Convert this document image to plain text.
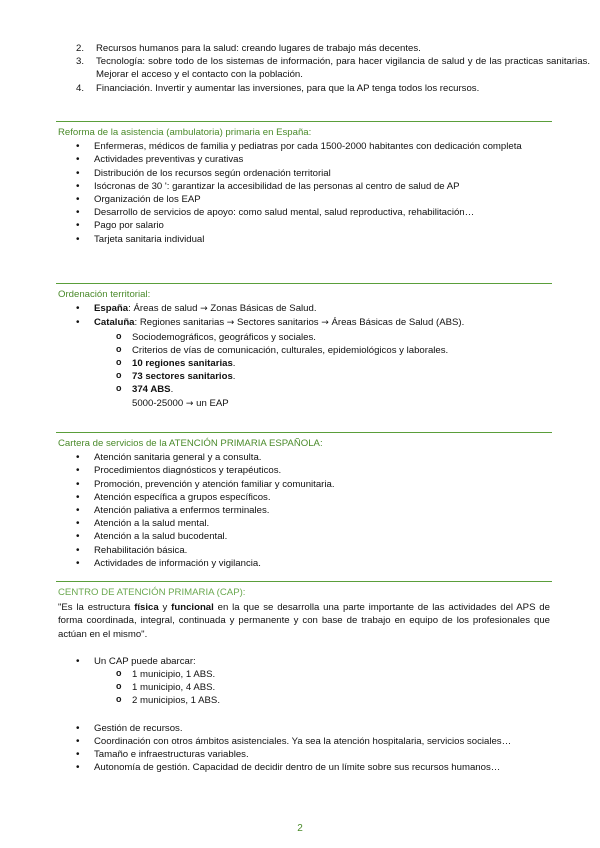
2. Recursos humanos para la salud: creando lugares de trabajo más decentes.
3. Tecnología: sobre todo de los sistemas de información, para hacer vigilancia de salud y de las practicas sanitarias. Mejorar el acceso y el contacto con la población.
4. Financiación. Invertir y aumentar las inversiones, para que la AP tenga todos los recursos.
Reforma de la asistencia (ambulatoria) primaria en España:
• Enfermeras, médicos de familia y pediatras por cada 1500-2000 habitantes con dedicación completa
• Actividades preventivas y curativas
• Distribución de los recursos según ordenación territorial
• Isócronas de 30 ': garantizar la accesibilidad de las personas al centro de salud de AP
• Organización de los EAP
• Desarrollo de servicios de apoyo: como salud mental, salud reproductiva, rehabilitación…
• Pago por salario
• Tarjeta sanitaria individual
Ordenación territorial:
• España: Áreas de salud → Zonas Básicas de Salud.
• Cataluña: Regiones sanitarias → Sectores sanitarios → Áreas Básicas de Salud (ABS).
o Sociodemográficos, geográficos y sociales.
o Criterios de vías de comunicación, culturales, epidemiológicos y laborales.
o 10 regiones sanitarias.
o 73 sectores sanitarios.
o 374 ABS.
5000-25000 → un EAP
Cartera de servicios de la ATENCIÓN PRIMARIA ESPAÑOLA:
• Atención sanitaria general y a consulta.
• Procedimientos diagnósticos y terapéuticos.
• Promoción, prevención y atención familiar y comunitaria.
• Atención específica a grupos específicos.
• Atención paliativa a enfermos terminales.
• Atención a la salud mental.
• Atención a la salud bucodental.
• Rehabilitación básica.
• Actividades de información y vigilancia.
CENTRO DE ATENCIÓN PRIMARIA (CAP):
"Es la estructura física y funcional en la que se desarrolla una parte importante de las actividades del APS de forma coordinada, integral, continuada y permanente y con base de trabajo en equipo de los profesionales que actúan en el mismo".
• Un CAP puede abarcar:
o 1 municipio, 1 ABS.
o 1 municipio, 4 ABS.
o 2 municipios, 1 ABS.
• Gestión de recursos.
• Coordinación con otros ámbitos asistenciales. Ya sea la atención hospitalaria, servicios sociales…
• Tamaño e infraestructuras variables.
• Autonomía de gestión. Capacidad de decidir dentro de un límite sobre sus recursos humanos…
2
